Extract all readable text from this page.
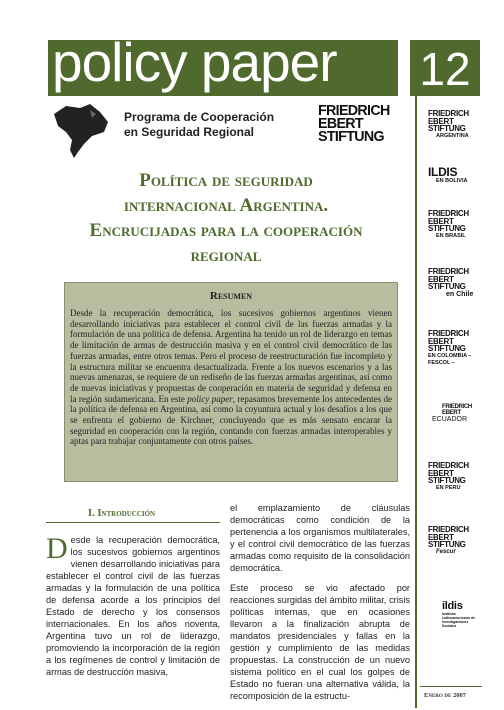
policy paper 12
Programa de Cooperación
en Seguridad Regional
FRIEDRICH
EBERT
STIFTUNG
FRIEDRICH
EBERT
STIFTUNG
ARGENTINA
ILDIS
EN BOLIVIA
FRIEDRICH
EBERT
STIFTUNG
EN BRASIL
FRIEDRICH
EBERT
STIFTUNG
en Chile
FRIEDRICH
EBERT
STIFTUNG
EN COLOMBIA – FESCOL –
FRIEDRICH
EBERT
ECUADOR
FRIEDRICH
EBERT
STIFTUNG
EN PERU
FRIEDRICH
EBERT
STIFTUNG
Fescur
ildis
Instituto Latinoamericano de Investigaciones Sociales
Política de seguridad
internacional Argentina.
Encrucijadas para la cooperación
regional
Resumen
Desde la recuperación democrática, los sucesivos gobiernos argentinos vienen desarrollando iniciativas para establecer el control civil de las fuerzas armadas y la formulación de una política de defensa. Argentina ha tenido un rol de liderazgo en temas de limitación de armas de destrucción masiva y en el control civil democrático de las fuerzas armadas, entre otros temas. Pero el proceso de reestructuración fue incompleto y la estructura militar se encuentra desactualizada. Frente a los nuevos escenarios y a las nuevas amenazas, se requiere de un rediseño de las fuerzas armadas argentinas, así como de nuevas iniciativas y propuestas de cooperación en materia de seguridad y defensa en la región sudamericana. En este policy paper, repasamos brevemente los antecedentes de la política de defensa en Argentina, así como la coyuntura actual y los desafíos a los que se enfrenta el gobierno de Kirchner, concluyendo que es más sensato encarar la seguridad en cooperación con la región, contando con fuerzas armadas interoperables y aptas para trabajar conjuntamente con otros países.
I. Introducción
Desde la recuperación democrática, los sucesivos gobiernos argentinos vienen desarrollando iniciativas para establecer el control civil de las fuerzas armadas y la formulación de una política de defensa acorde a los principios del Estado de derecho y los consensos internacionales. En los años noventa, Argentina tuvo un rol de liderazgo, promoviendo la incorporación de la región a los regímenes de control y limitación de armas de destrucción masiva,

el emplazamiento de cláusulas democráticas como condición de la pertenencia a los organismos multilaterales, y el control civil democrático de las fuerzas armadas como requisito de la consolidación democrática.

Este proceso se vio afectado por reacciones surgidas del ámbito militar, crisis políticas internas, que en ocasiones llevaron a la finalización abrupta de mandatos presidenciales y fallas en la gestión y cumplimiento de las medidas propuestas. La construcción de un nuevo sistema político en el cual los golpes de Estado no fueran una alternativa válida, la recomposición de la estructu-	Enero de 2007
